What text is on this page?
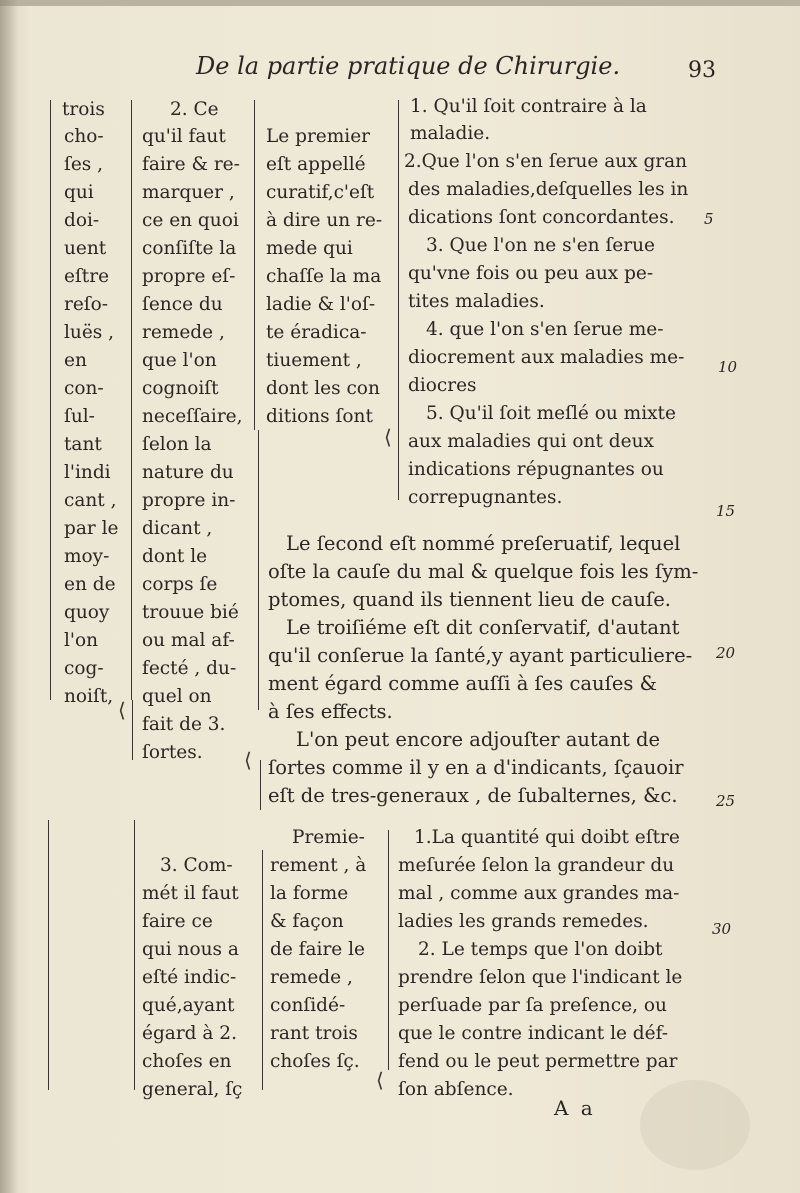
De la partie pratique de Chirurgie.	93
⟨
⟨
⟨
⟨
trois
cho-
ſes ,
qui
doi-
uent
eſtre
reſo-
luës ,
en
con-
ſul-
tant
l'indi
cant ,
par le
moy-
en de
quoy
l'on
cog-
noiſt,
2. Ce
qu'il faut
faire & re-
marquer ,
ce en quoi
conſiſte la
propre eſ-
ſence du
remede ,
que l'on
cognoiſt
neceſſaire,
ſelon la
nature du
propre in-
dicant ,
dont le
corps ſe
trouue bié
ou mal af-
fecté , du-
quel on
fait de 3.
ſortes.
Le premier
eſt appellé
curatif,c'eſt
à dire un re-
mede qui
chaſſe la ma
ladie & l'oſ-
te éradica-
tiuement ,
dont les con
ditions ſont
1. Qu'il ſoit contraire à la
maladie.
2.Que l'on s'en ſerue aux gran
des maladies,deſquelles les in
dications ſont concordantes.
3. Que l'on ne s'en ſerue
qu'vne fois ou peu aux pe-
tites maladies.
4. que l'on s'en ſerue me-
diocrement aux maladies me-
diocres
5. Qu'il ſoit meſlé ou mixte
aux maladies qui ont deux
indications répugnantes ou
correpugnantes.
Le ſecond eſt nommé preſeruatif, lequel
oſte la cauſe du mal & quelque fois les ſym-
ptomes, quand ils tiennent lieu de cauſe.
Le troiſiéme eſt dit conſervatif, d'autant
qu'il conſerue la ſanté,y ayant particuliere-
ment égard comme auſſi à ſes cauſes &
à ſes effects.
L'on peut encore adjouſter autant de
ſortes comme il y en a d'indicants, ſçauoir
eſt de tres-generaux , de ſubalternes, &c.
3. Com-
mét il faut
faire ce
qui nous a
eſté indic-
qué,ayant
égard à 2.
choſes en
general, ſç
Premie-
rement , à
la forme
& façon
de faire le
remede ,
conſidé-
rant trois
choſes ſç.
1.La quantité qui doibt eſtre
meſurée ſelon la grandeur du
mal , comme aux grandes ma-
ladies les grands remedes.
2. Le temps que l'on doibt
prendre ſelon que l'indicant le
perſuade par ſa preſence, ou
que le contre indicant le déf-
fend ou le peut permettre par
ſon abſence.
5
10
15
20
25
30
A a
